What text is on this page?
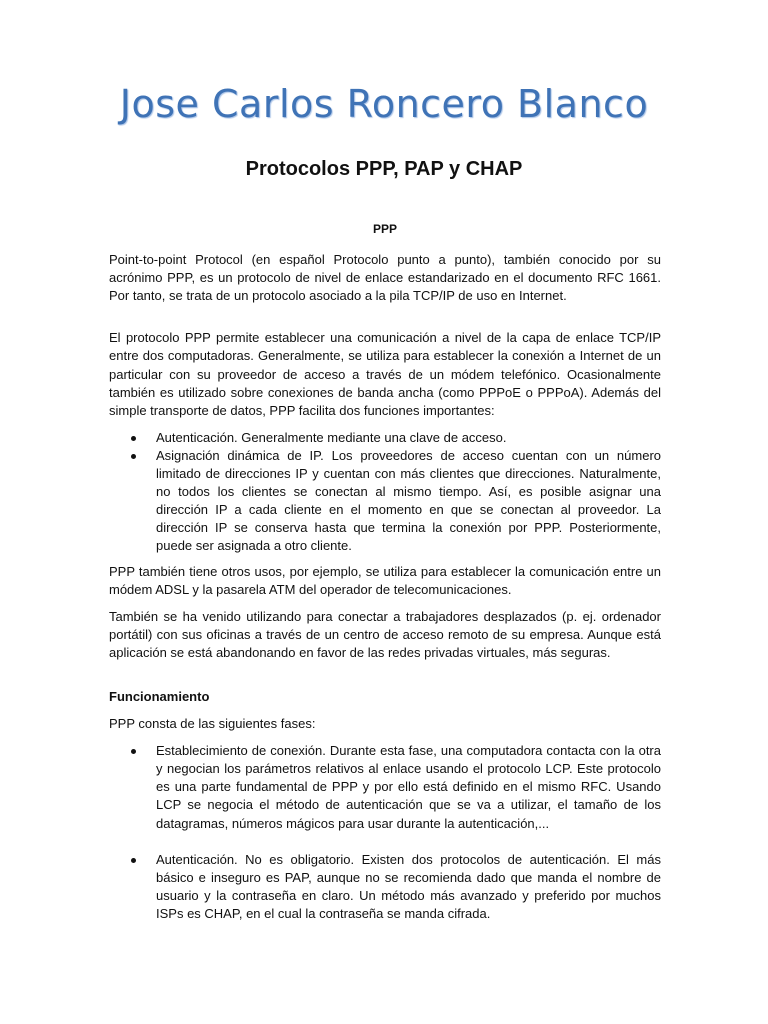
Jose Carlos Roncero Blanco
Protocolos PPP, PAP y CHAP
PPP

Point-to-point Protocol (en español Protocolo punto a punto), también conocido por su acrónimo PPP, es un protocolo de nivel de enlace estandarizado en el documento RFC 1661. Por tanto, se trata de un protocolo asociado a la pila TCP/IP de uso en Internet.

El protocolo PPP permite establecer una comunicación a nivel de la capa de enlace TCP/IP entre dos computadoras. Generalmente, se utiliza para establecer la conexión a Internet de un particular con su proveedor de acceso a través de un módem telefónico. Ocasionalmente también es utilizado sobre conexiones de banda ancha (como PPPoE o PPPoA). Además del simple transporte de datos, PPP facilita dos funciones importantes:

Autenticación. Generalmente mediante una clave de acceso.
Asignación dinámica de IP. Los proveedores de acceso cuentan con un número limitado de direcciones IP y cuentan con más clientes que direcciones. Naturalmente, no todos los clientes se conectan al mismo tiempo. Así, es posible asignar una dirección IP a cada cliente en el momento en que se conectan al proveedor. La dirección IP se conserva hasta que termina la conexión por PPP. Posteriormente, puede ser asignada a otro cliente.

PPP también tiene otros usos, por ejemplo, se utiliza para establecer la comunicación entre un módem ADSL y la pasarela ATM del operador de telecomunicaciones.

También se ha venido utilizando para conectar a trabajadores desplazados (p. ej. ordenador portátil) con sus oficinas a través de un centro de acceso remoto de su empresa. Aunque está aplicación se está abandonando en favor de las redes privadas virtuales, más seguras.

Funcionamiento

PPP consta de las siguientes fases:

Establecimiento de conexión. Durante esta fase, una computadora contacta con la otra y negocian los parámetros relativos al enlace usando el protocolo LCP. Este protocolo es una parte fundamental de PPP y por ello está definido en el mismo RFC. Usando LCP se negocia el método de autenticación que se va a utilizar, el tamaño de los datagramas, números mágicos para usar durante la autenticación,...
Autenticación. No es obligatorio. Existen dos protocolos de autenticación. El más básico e inseguro es PAP, aunque no se recomienda dado que manda el nombre de usuario y la contraseña en claro. Un método más avanzado y preferido por muchos ISPs es CHAP, en el cual la contraseña se manda cifrada.
